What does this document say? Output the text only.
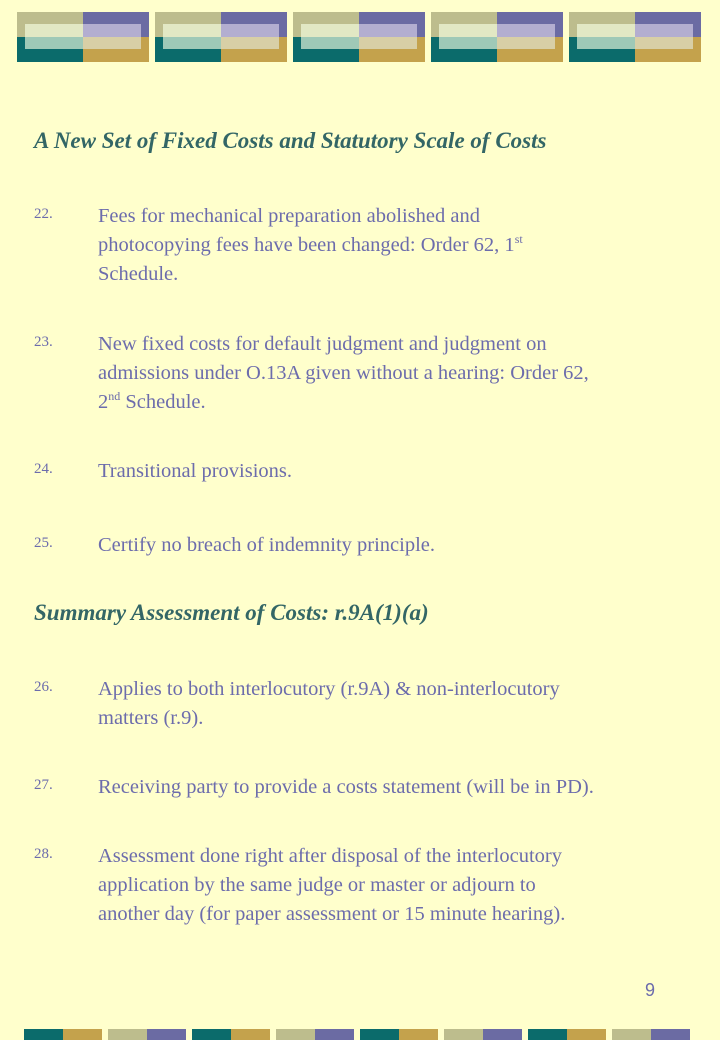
A New Set of Fixed Costs and Statutory Scale of Costs
22. Fees for mechanical preparation abolished and
photocopying fees have been changed: Order 62, 1st
Schedule.
23. New fixed costs for default judgment and judgment on
admissions under O.13A given without a hearing: Order 62,
2nd Schedule.
24. Transitional provisions.
25. Certify no breach of indemnity principle.
Summary Assessment of Costs: r.9A(1)(a)
26. Applies to both interlocutory (r.9A) & non-interlocutory
matters (r.9).
27. Receiving party to provide a costs statement (will be in PD).
28. Assessment done right after disposal of the interlocutory
application by the same judge or master or adjourn to
another day (for paper assessment or 15 minute hearing).
9
